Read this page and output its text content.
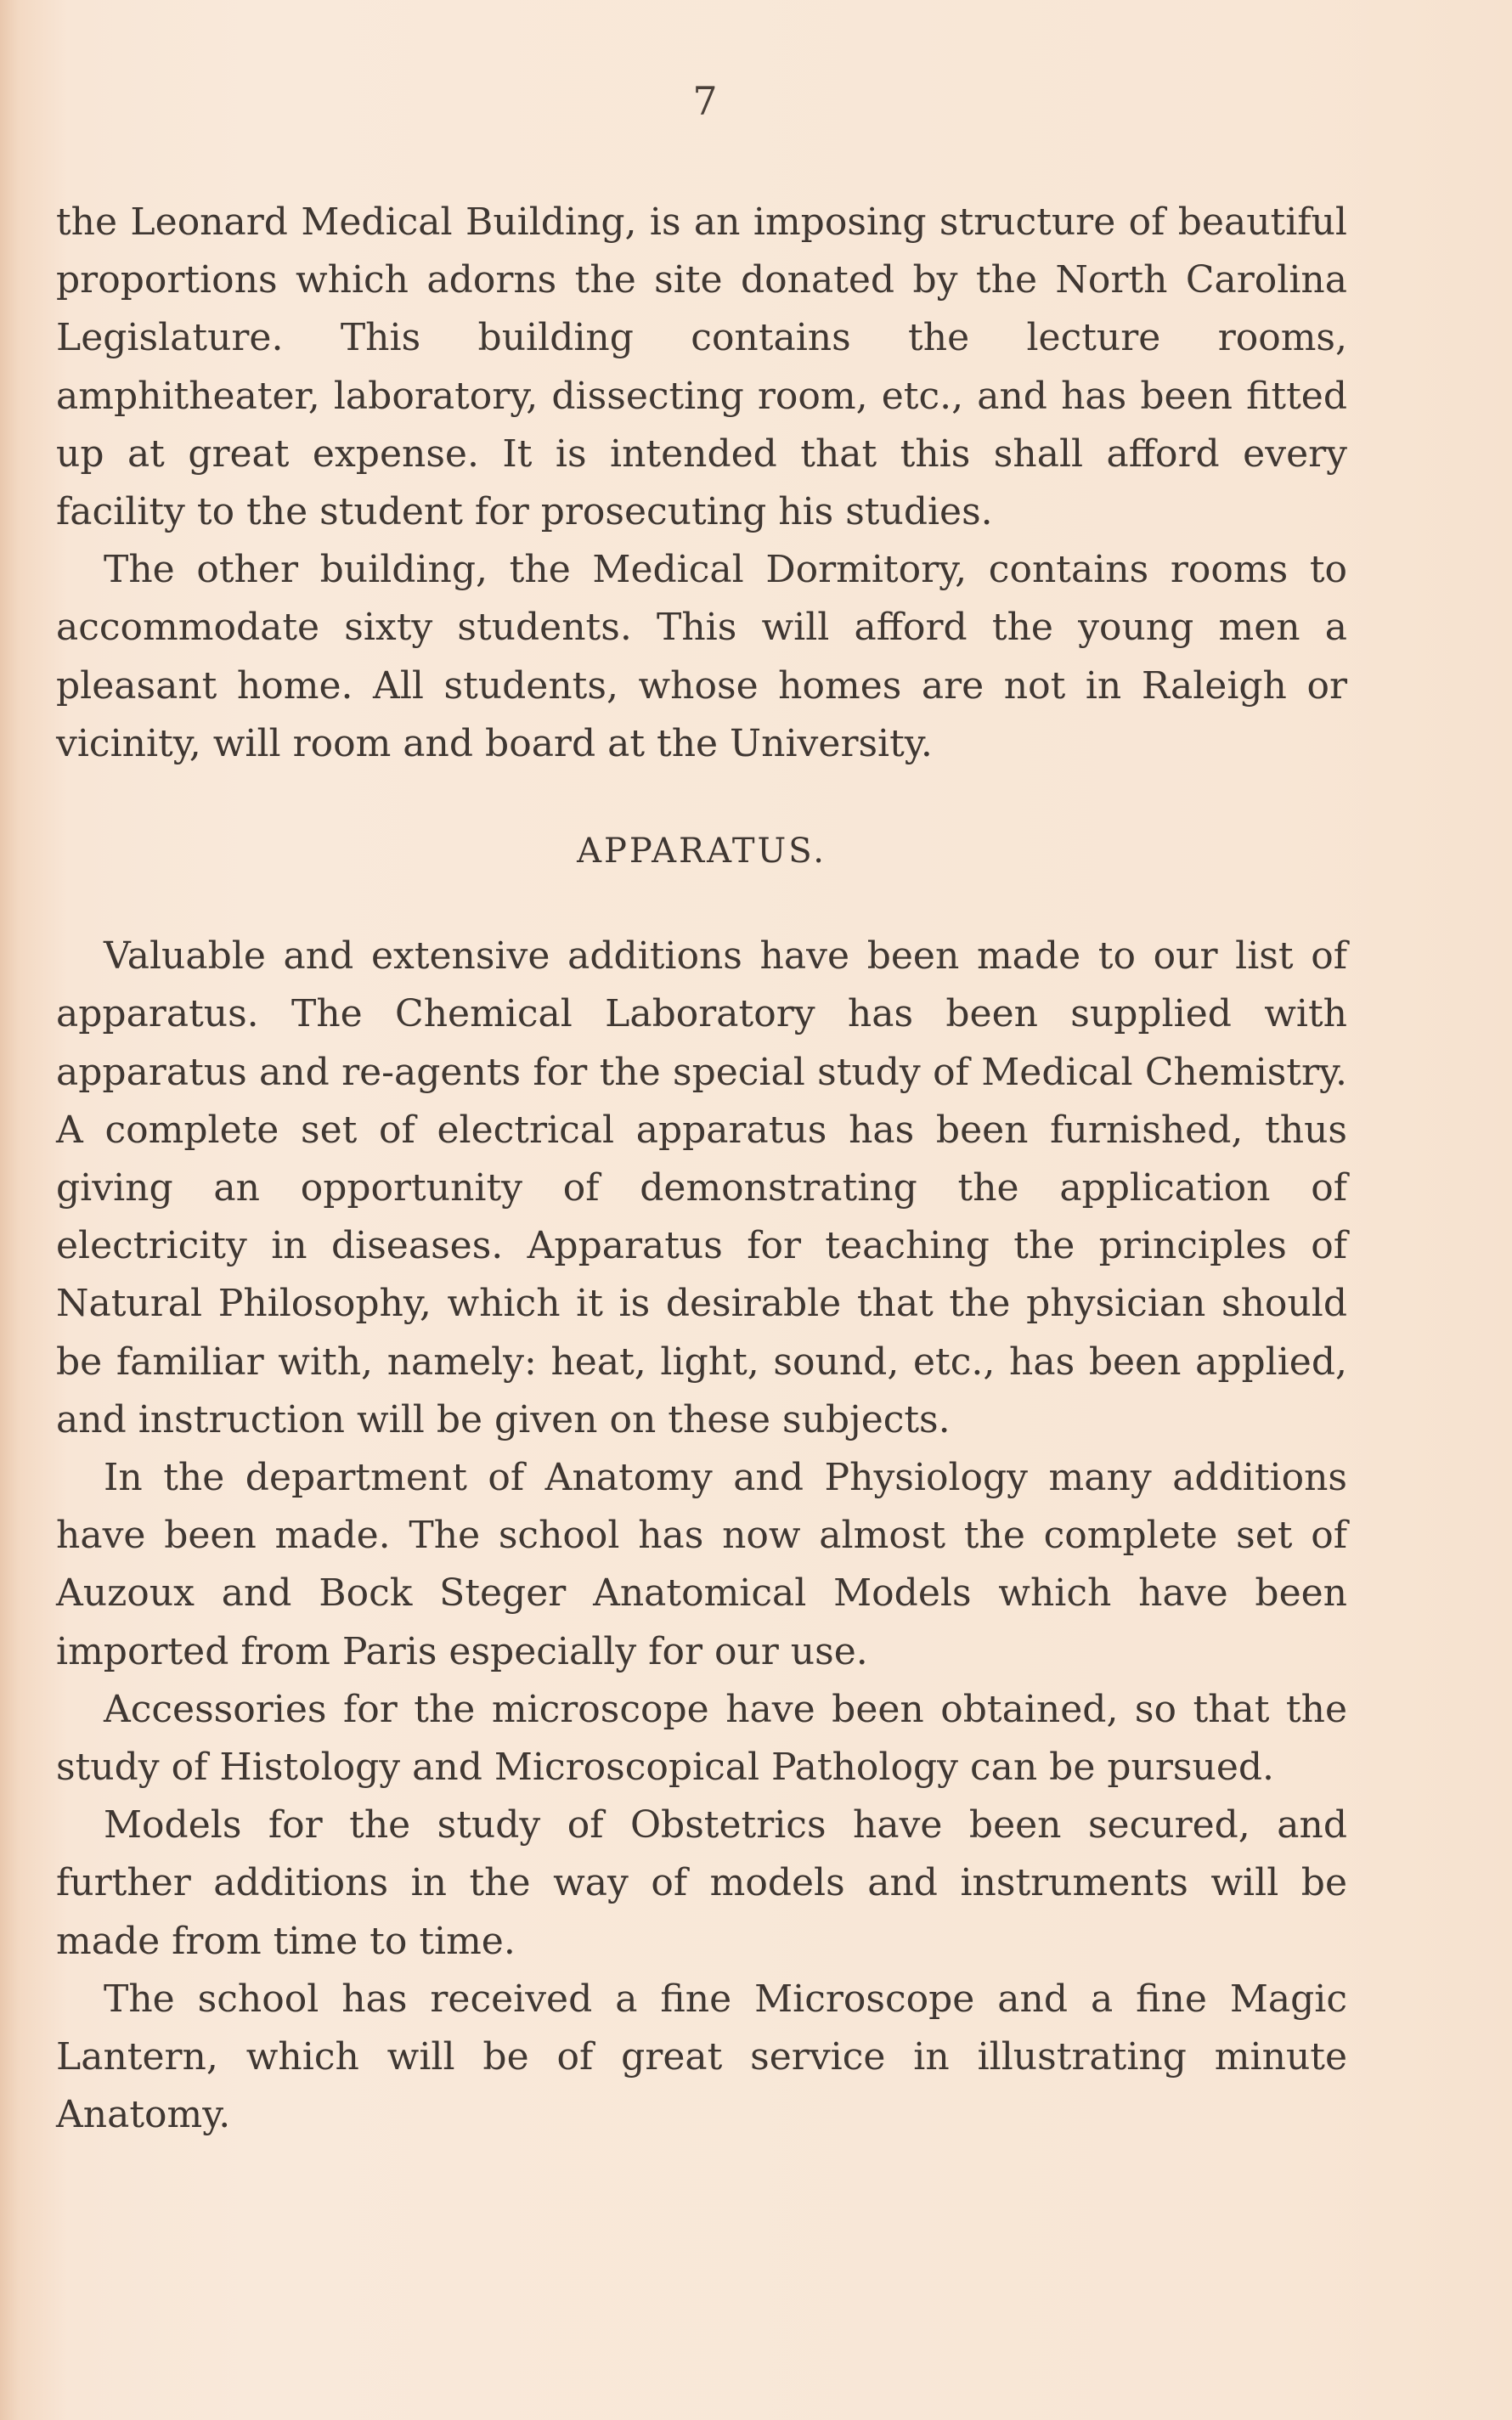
7

the Leonard Medical Building, is an imposing structure of beautiful proportions which adorns the site donated by the North Carolina Legislature. This building contains the lecture rooms, amphitheater, laboratory, dissecting room, etc., and has been fitted up at great expense. It is intended that this shall afford every facility to the student for prosecuting his studies.

The other building, the Medical Dormitory, contains rooms to accommodate sixty students. This will afford the young men a pleasant home. All students, whose homes are not in Raleigh or vicinity, will room and board at the University.

APPARATUS.

Valuable and extensive additions have been made to our list of apparatus. The Chemical Laboratory has been supplied with apparatus and re-agents for the special study of Medical Chemistry. A complete set of electrical apparatus has been furnished, thus giving an opportunity of demonstrating the application of electricity in diseases. Apparatus for teaching the principles of Natural Philosophy, which it is desirable that the physician should be familiar with, namely: heat, light, sound, etc., has been applied, and instruction will be given on these subjects.

In the department of Anatomy and Physiology many additions have been made. The school has now almost the complete set of Auzoux and Bock Steger Anatomical Models which have been imported from Paris especially for our use.

Accessories for the microscope have been obtained, so that the study of Histology and Microscopical Pathology can be pursued.

Models for the study of Obstetrics have been secured, and further additions in the way of models and instruments will be made from time to time.

The school has received a fine Microscope and a fine Magic Lantern, which will be of great service in illustrating minute Anatomy.
